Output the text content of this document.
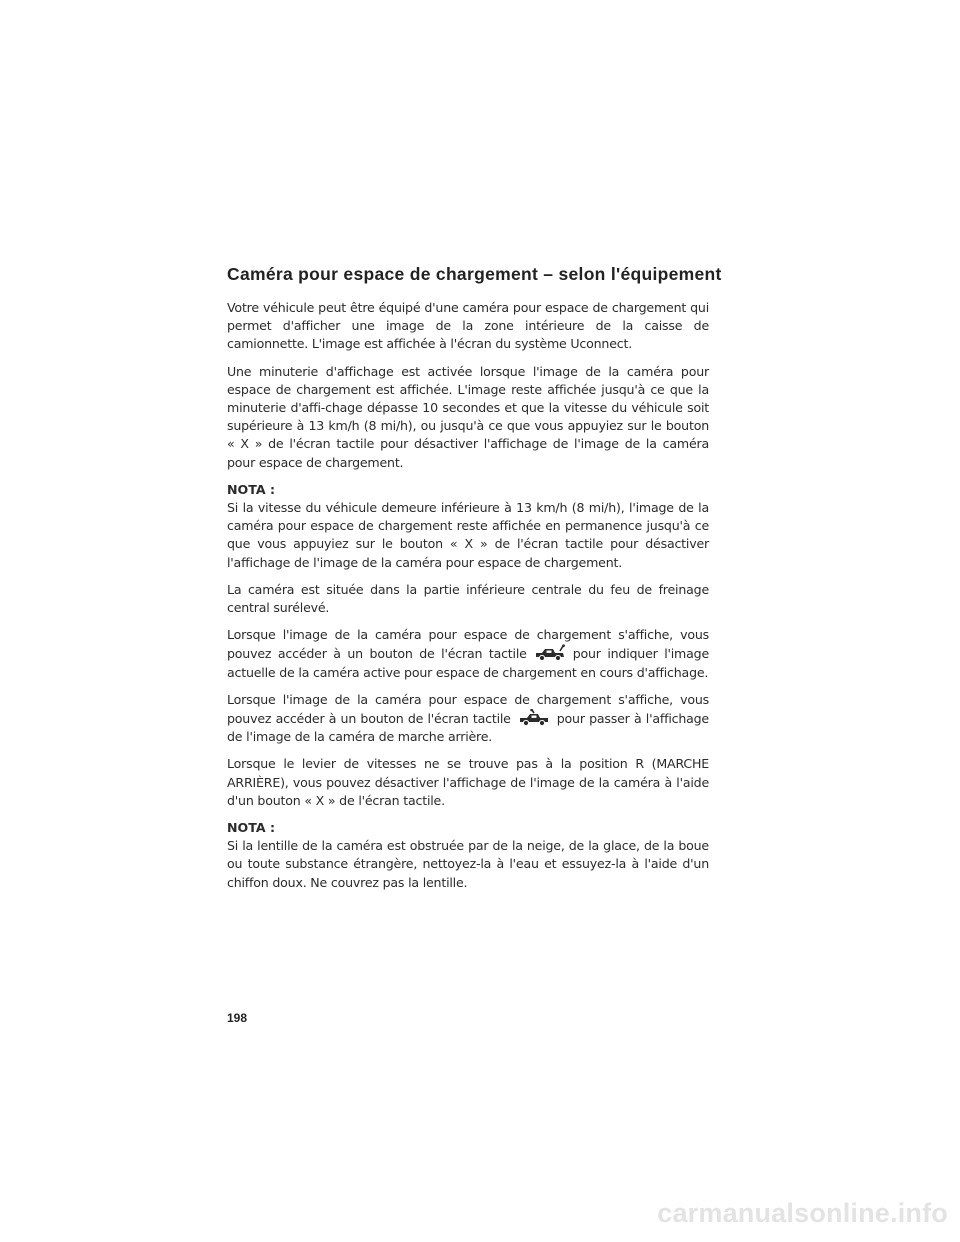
Caméra pour espace de chargement – selon l'équipement

Votre véhicule peut être équipé d'une caméra pour espace de chargement qui permet d'afficher une image de la zone intérieure de la caisse de camionnette. L'image est affichée à l'écran du système Uconnect.

Une minuterie d'affichage est activée lorsque l'image de la caméra pour espace de chargement est affichée. L'image reste affichée jusqu'à ce que la minuterie d'affi-chage dépasse 10 secondes et que la vitesse du véhicule soit supérieure à 13 km/h (8 mi/h), ou jusqu'à ce que vous appuyiez sur le bouton « X » de l'écran tactile pour désactiver l'affichage de l'image de la caméra pour espace de chargement.

NOTA :

Si la vitesse du véhicule demeure inférieure à 13 km/h (8 mi/h), l'image de la caméra pour espace de chargement reste affichée en permanence jusqu'à ce que vous appuyiez sur le bouton « X » de l'écran tactile pour désactiver l'affichage de l'image de la caméra pour espace de chargement.

La caméra est située dans la partie inférieure centrale du feu de freinage central surélevé.

Lorsque l'image de la caméra pour espace de chargement s'affiche, vous pouvez accéder à un bouton de l'écran tactile	pour indiquer l'image actuelle de la caméra active pour espace de chargement en cours d'affichage.

Lorsque l'image de la caméra pour espace de chargement s'affiche, vous pouvez accéder à un bouton de l'écran tactile	pour passer à l'affichage de l'image de la caméra de marche arrière.

Lorsque le levier de vitesses ne se trouve pas à la position R (MARCHE ARRIÈRE), vous pouvez désactiver l'affichage de l'image de la caméra à l'aide d'un bouton « X » de l'écran tactile.

NOTA :

Si la lentille de la caméra est obstruée par de la neige, de la glace, de la boue ou toute substance étrangère, nettoyez-la à l'eau et essuyez-la à l'aide d'un chiffon doux. Ne couvrez pas la lentille.

198
carmanualsonline.info
